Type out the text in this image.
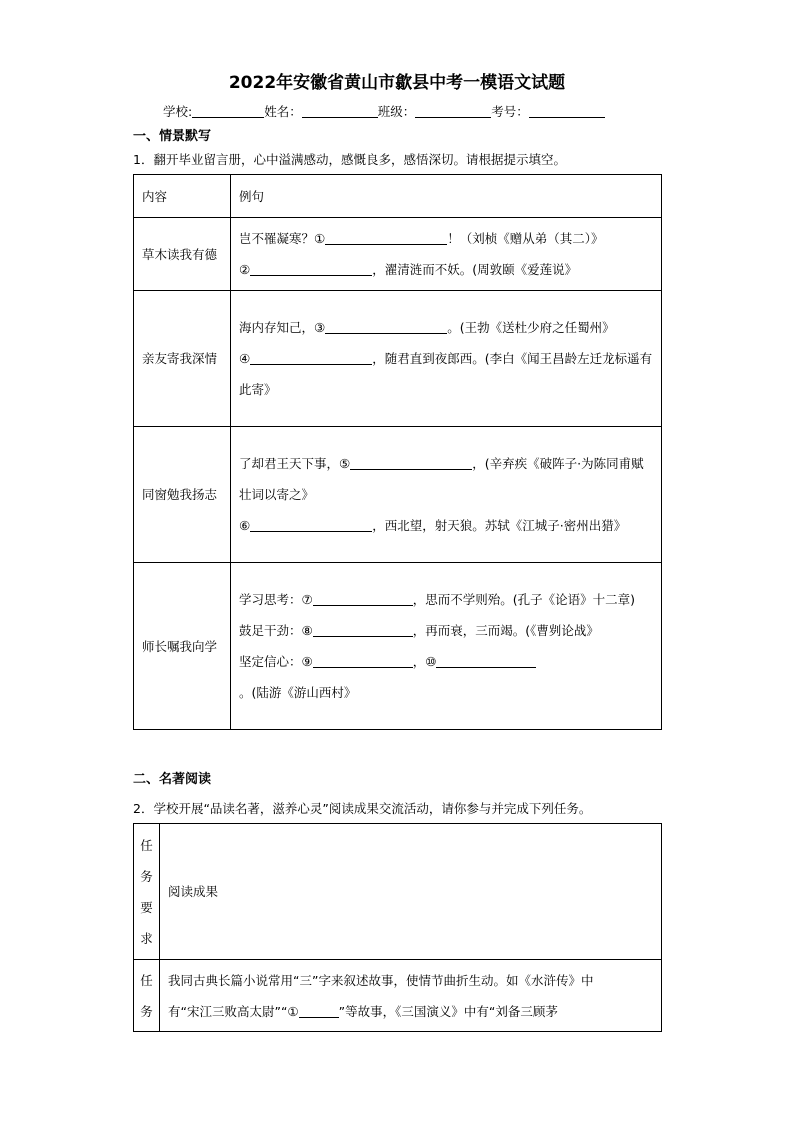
2022年安徽省黄山市歙县中考一模语文试题
学校:	姓名：	班级：	考号：
一、情景默写
1．翻开毕业留言册，心中溢满感动，感慨良多，感悟深切。请根据提示填空。
内容	例句
草木读我有德	岂不罹凝寒？① ！（刘桢《赠从弟（其二）》
② ，濯清涟而不妖。(周敦颐《爱莲说》

亲友寄我深情	海内存知己，③ 。(王勃《送杜少府之任蜀州》
④ ，随君直到夜郎西。(李白《闻王昌龄左迁龙标遥有此寄》

同窗勉我扬志	了却君王天下事，⑤ ，(辛弃疾《破阵子·为陈同甫赋壮词以寄之》
⑥ ，西北望，射天狼。苏轼《江城子·密州出猎》

师长嘱我向学	学习思考：⑦ ，思而不学则殆。(孔子《论语》十二章)
鼓足干劲：⑧ ，再而衰，三而竭。(《曹刿论战》
坚定信心：⑨ ，⑩。(陆游《游山西村》
二、名著阅读
2．学校开展“品读名著，滋养心灵”阅读成果交流活动，请你参与并完成下列任务。
任务要求	阅读成果
任务	我同古典长篇小说常用“三”字来叙述故事，使情节曲折生动。如《水浒传》中
有“宋江三败高太尉”“① ”等故事，《三国演义》中有“刘备三顾茅
